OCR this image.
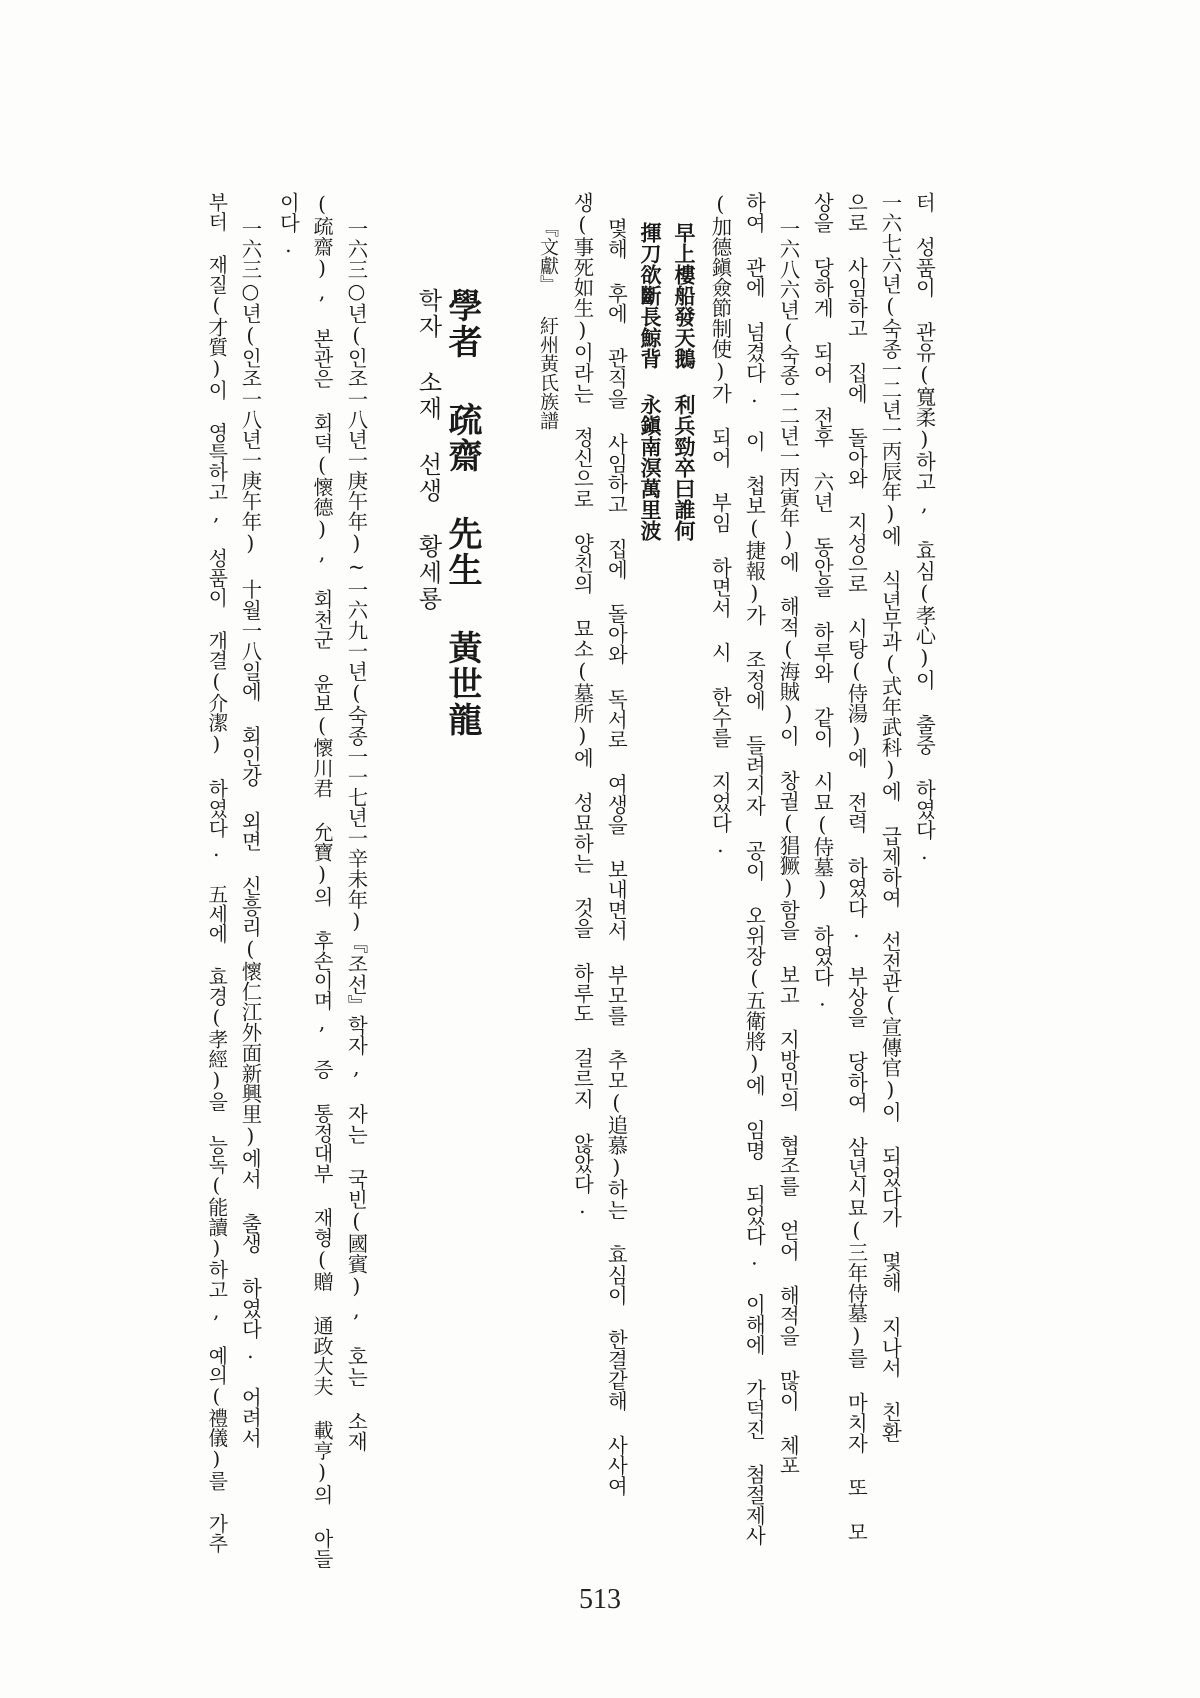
터 성품이 관유(寬柔)하고, 효심(孝心)이 출중 하였다.
一六七六년(숙종一二년一丙辰年)에 식년무과(式年武科)에 급제하여 선전관(宣傳官)이 되었다가 몇해 지나서 친환
으로 사임하고 집에 돌아와 지성으로 시탕(侍湯)에 전력 하였다. 부상을 당하여 삼년시묘(三年侍墓)를 마치자 또 모
상을 당하게 되어 전후 六년 동안을 하루와 같이 시묘(侍墓) 하였다.
一六八六년(숙종一二년一丙寅年)에 해적(海賊)이 창궐(猖獗)함을 보고 지방민의 협조를 얻어 해적을 많이 체포
하여 관에 넘겼다. 이 첩보(捷報)가 조정에 들려지자 공이 오위장(五衛將)에 임명 되었다. 이해에 가덕진 첨절제사
(加德鎭僉節制使)가 되어 부임 하면서 시 한수를 지었다.
早上樓船發天鵝 利兵勁卒曰誰何
揮刀欲斷長鯨背 永鎭南溟萬里波
몇해 후에 관직을 사임하고 집에 돌아와 독서로 여생을 보내면서 부모를 추모(追慕)하는 효심이 한결같해 사사여
생(事死如生)이라는 정신으로 양친의 묘소(墓所)에 성묘하는 것을 하루도 걸르지 않았다.
『文獻』 紆州黃氏族譜
學者 疏齋 先生 黃世龍
학자 소재 선생 황세룡
一六三○년(인조一八년一庚午年)~一六九一년(숙종一一七년一辛未年)『조선』학자, 자는 국빈(國賓), 호는 소재
(疏齋), 본관은 회덕(懷德), 회천군 윤보(懷川君 允寶)의 후손이며, 증 통정대부 재형(贈 通政大夫 載亨)의 아들
이다.
一六三○년(인조一八년一庚午年) 十월一八일에 회인강 외면 신흥리(懷仁江外面新興里)에서 출생 하였다. 어려서
부터 재질(才質)이 영특하고, 성품이 개결(介潔) 하였다. 五세에 효경(孝經)을 능독(能讀)하고, 예의(禮儀)를 가추
513
